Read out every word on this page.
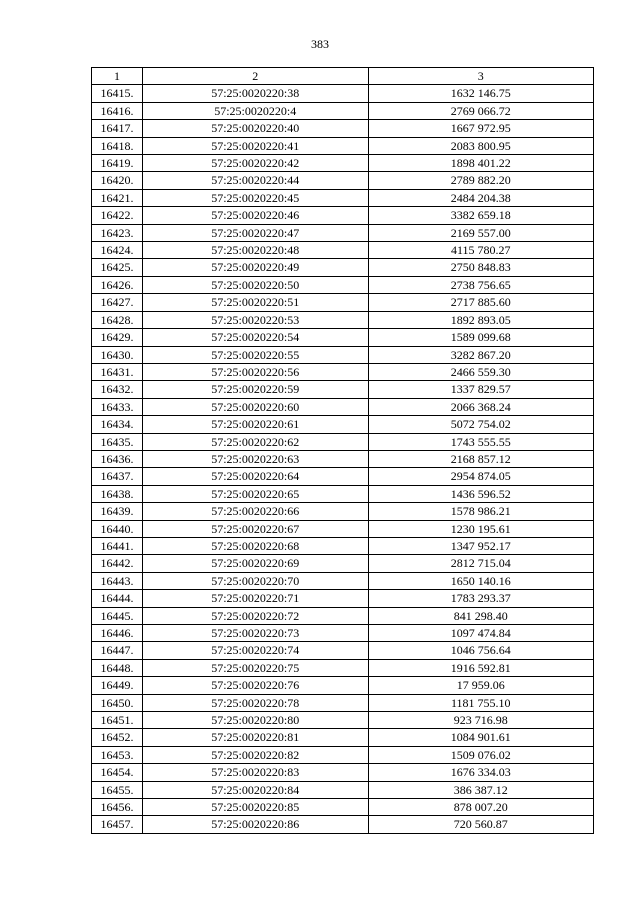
383
1	2	3
16415.	57:25:0020220:38	1632 146.75
16416.	57:25:0020220:4	2769 066.72
16417.	57:25:0020220:40	1667 972.95
16418.	57:25:0020220:41	2083 800.95
16419.	57:25:0020220:42	1898 401.22
16420.	57:25:0020220:44	2789 882.20
16421.	57:25:0020220:45	2484 204.38
16422.	57:25:0020220:46	3382 659.18
16423.	57:25:0020220:47	2169 557.00
16424.	57:25:0020220:48	4115 780.27
16425.	57:25:0020220:49	2750 848.83
16426.	57:25:0020220:50	2738 756.65
16427.	57:25:0020220:51	2717 885.60
16428.	57:25:0020220:53	1892 893.05
16429.	57:25:0020220:54	1589 099.68
16430.	57:25:0020220:55	3282 867.20
16431.	57:25:0020220:56	2466 559.30
16432.	57:25:0020220:59	1337 829.57
16433.	57:25:0020220:60	2066 368.24
16434.	57:25:0020220:61	5072 754.02
16435.	57:25:0020220:62	1743 555.55
16436.	57:25:0020220:63	2168 857.12
16437.	57:25:0020220:64	2954 874.05
16438.	57:25:0020220:65	1436 596.52
16439.	57:25:0020220:66	1578 986.21
16440.	57:25:0020220:67	1230 195.61
16441.	57:25:0020220:68	1347 952.17
16442.	57:25:0020220:69	2812 715.04
16443.	57:25:0020220:70	1650 140.16
16444.	57:25:0020220:71	1783 293.37
16445.	57:25:0020220:72	841 298.40
16446.	57:25:0020220:73	1097 474.84
16447.	57:25:0020220:74	1046 756.64
16448.	57:25:0020220:75	1916 592.81
16449.	57:25:0020220:76	17 959.06
16450.	57:25:0020220:78	1181 755.10
16451.	57:25:0020220:80	923 716.98
16452.	57:25:0020220:81	1084 901.61
16453.	57:25:0020220:82	1509 076.02
16454.	57:25:0020220:83	1676 334.03
16455.	57:25:0020220:84	386 387.12
16456.	57:25:0020220:85	878 007.20
16457.	57:25:0020220:86	720 560.87
